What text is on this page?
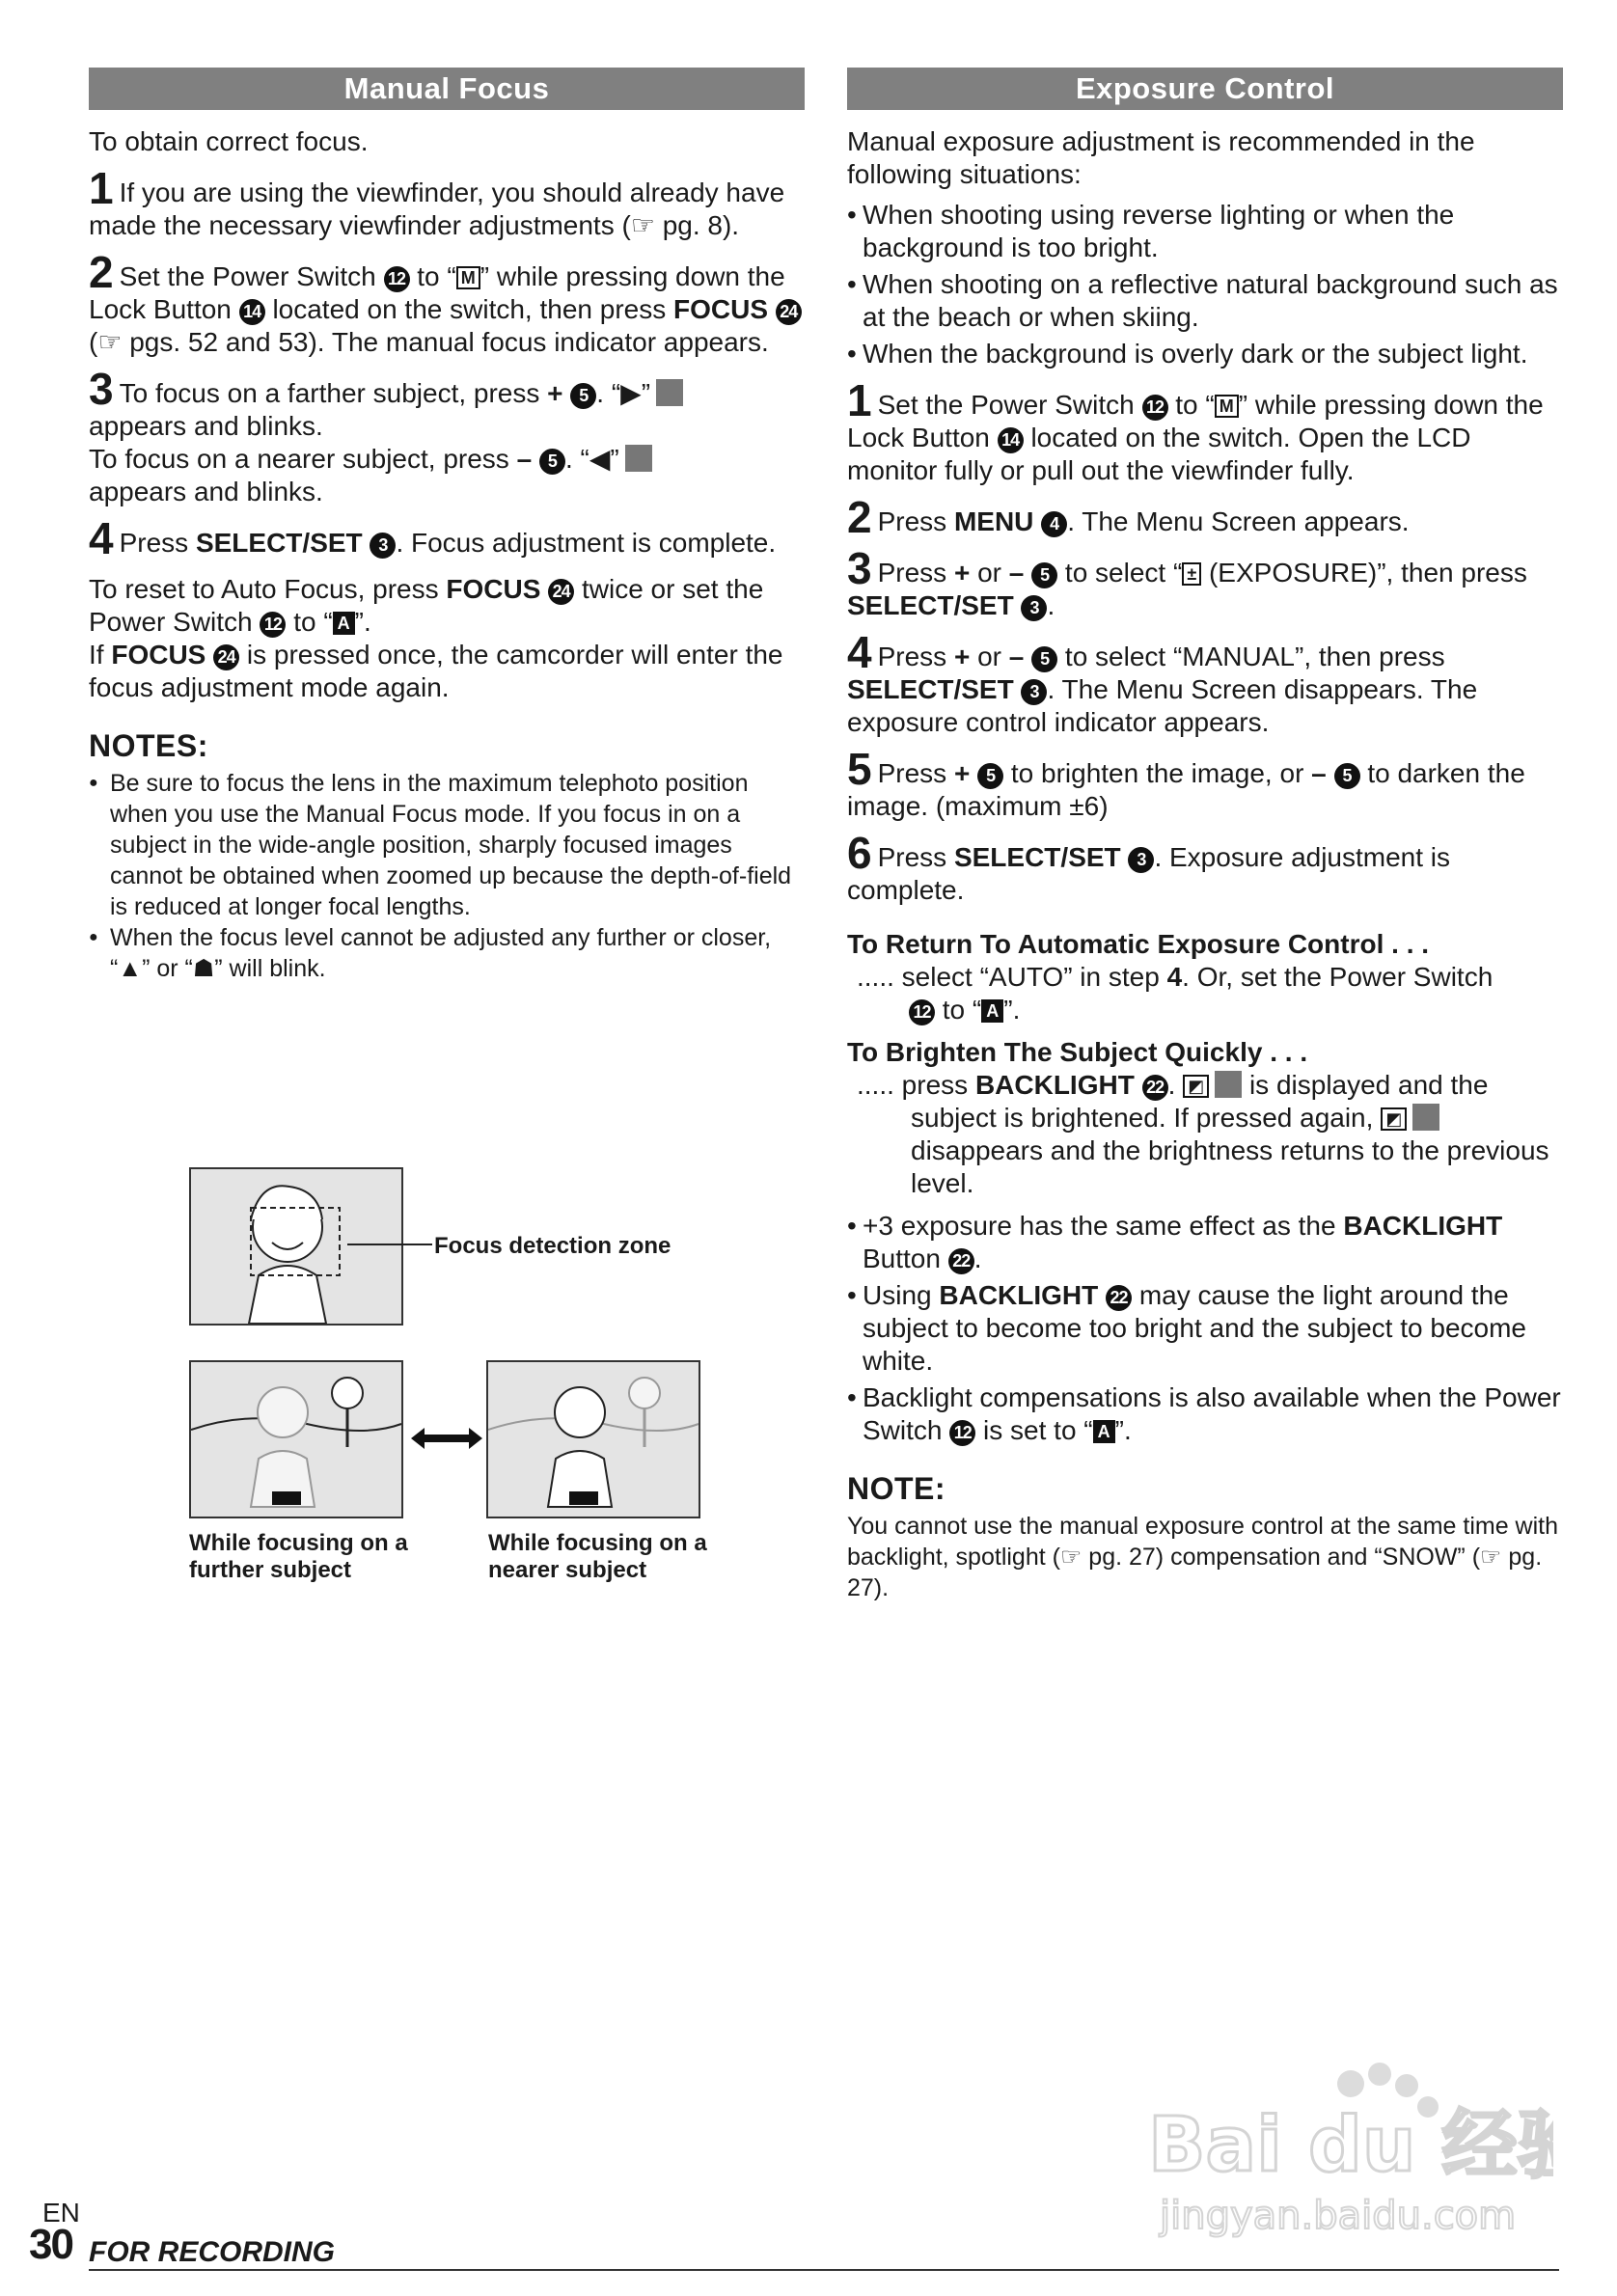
Manual Focus

To obtain correct focus.

1 If you are using the viewfinder, you should already have made the necessary viewfinder adjustments (☞ pg. 8).

2 Set the Power Switch 12 to “ M ” while pressing down the Lock Button 14 located on the switch, then press FOCUS 24 (☞ pgs. 52 and 53). The manual focus indicator appears.

3 To focus on a farther subject, press + 5 . “▶”
appears and blinks.
To focus on a nearer subject, press – 5 . “◀”
appears and blinks.

4 Press SELECT/SET 3 . Focus adjustment is complete.

To reset to Auto Focus, press FOCUS 24 twice or set the Power Switch 12 to “ A ”.
If FOCUS 24 is pressed once, the camcorder will enter the focus adjustment mode again.

NOTES:
● Be sure to focus the lens in the maximum telephoto position when you use the Manual Focus mode. If you focus in on a subject in the wide-angle position, sharply focused images cannot be obtained when zoomed up because the depth-of-field is reduced at longer focal lengths.
● When the focus level cannot be adjusted any further or closer, “▲” or “☗” will blink.
Focus detection zone
While focusing on a further subject
While focusing on a nearer subject
Exposure Control

Manual exposure adjustment is recommended in the following situations:

• When shooting using reverse lighting or when the background is too bright.
• When shooting on a reflective natural background such as at the beach or when skiing.
• When the background is overly dark or the subject light.

1 Set the Power Switch 12 to “ M ” while pressing down the Lock Button 14 located on the switch. Open the LCD monitor fully or pull out the viewfinder fully.

2 Press MENU 4 . The Menu Screen appears.

3 Press + or – 5 to select “ ± (EXPOSURE)”, then press SELECT/SET 3 .

4 Press + or – 5 to select “MANUAL”, then press SELECT/SET 3 . The Menu Screen disappears. The exposure control indicator appears.

5 Press + 5 to brighten the image, or – 5 to darken the image. (maximum ±6)

6 Press SELECT/SET 3 . Exposure adjustment is complete.

To Return To Automatic Exposure Control . . .
..... select “AUTO” in step 4. Or, set the Power Switch
12 to “ A ”.
To Brighten The Subject Quickly . . .
..... press BACKLIGHT 22 . ◩ is displayed and the
subject is brightened. If pressed again, ◩ disappears and the brightness returns to the previous level.
• +3 exposure has the same effect as the BACKLIGHT Button 22 .
• Using BACKLIGHT 22 may cause the light around the subject to become too bright and the subject to become white.
• Backlight compensations is also available when the Power Switch 12 is set to “ A ”.
NOTE:

You cannot use the manual exposure control at the same time with backlight, spotlight (☞ pg. 27) compensation and “SNOW” (☞ pg. 27).

Bai du 经验
jingyan.baidu.com
EN
30 FOR RECORDING
